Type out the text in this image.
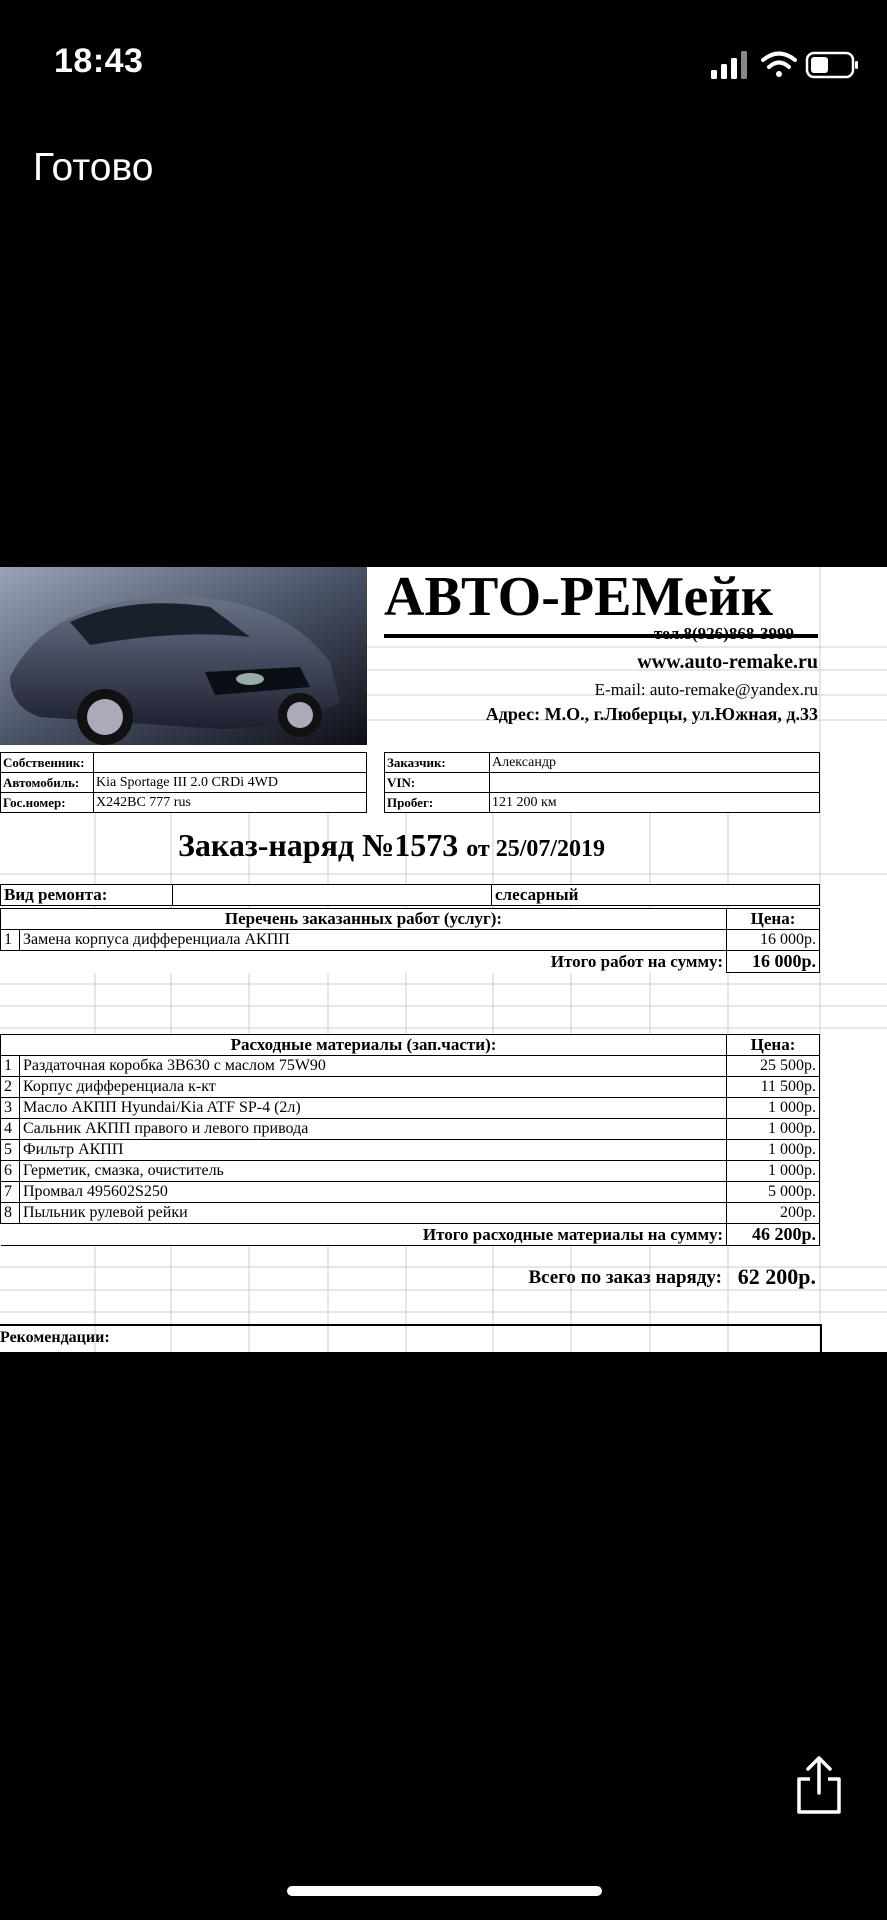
18:43
Готово
АВТО-РЕМейк
тел.8(926)868-3999
www.auto-remake.ru
E-mail: auto-remake@yandex.ru
Адрес: М.О., г.Люберцы, ул.Южная, д.33
Собственник:	
Автомобиль:	Kia Sportage III 2.0 CRDi 4WD
Гос.номер:	Х242ВС 777 rus
Заказчик:	Александр
VIN:	
Пробег:	121 200 км
Заказ-наряд №1573 от 25/07/2019
Вид ремонта:		слесарный
Перечень заказанных работ (услуг):		Цена:
1	Замена корпуса дифференциала АКПП	16 000р.
Итого работ на сумму:		16 000р.
Расходные материалы (зап.части):		Цена:
1	Раздаточная коробка 3B630 с маслом 75W90	25 500р.
2	Корпус дифференциала к-кт	11 500р.
3	Масло АКПП Hyundai/Kia ATF SP-4 (2л)	1 000р.
4	Сальник АКПП правого и левого привода	1 000р.
5	Фильтр АКПП	1 000р.
6	Герметик, смазка, очиститель	1 000р.
7	Промвал 495602S250	5 000р.
8	Пыльник рулевой рейки	200р.
Итого расходные материалы на сумму:		46 200р.
Всего по заказ наряду: 62 200р.
Рекомендации:
